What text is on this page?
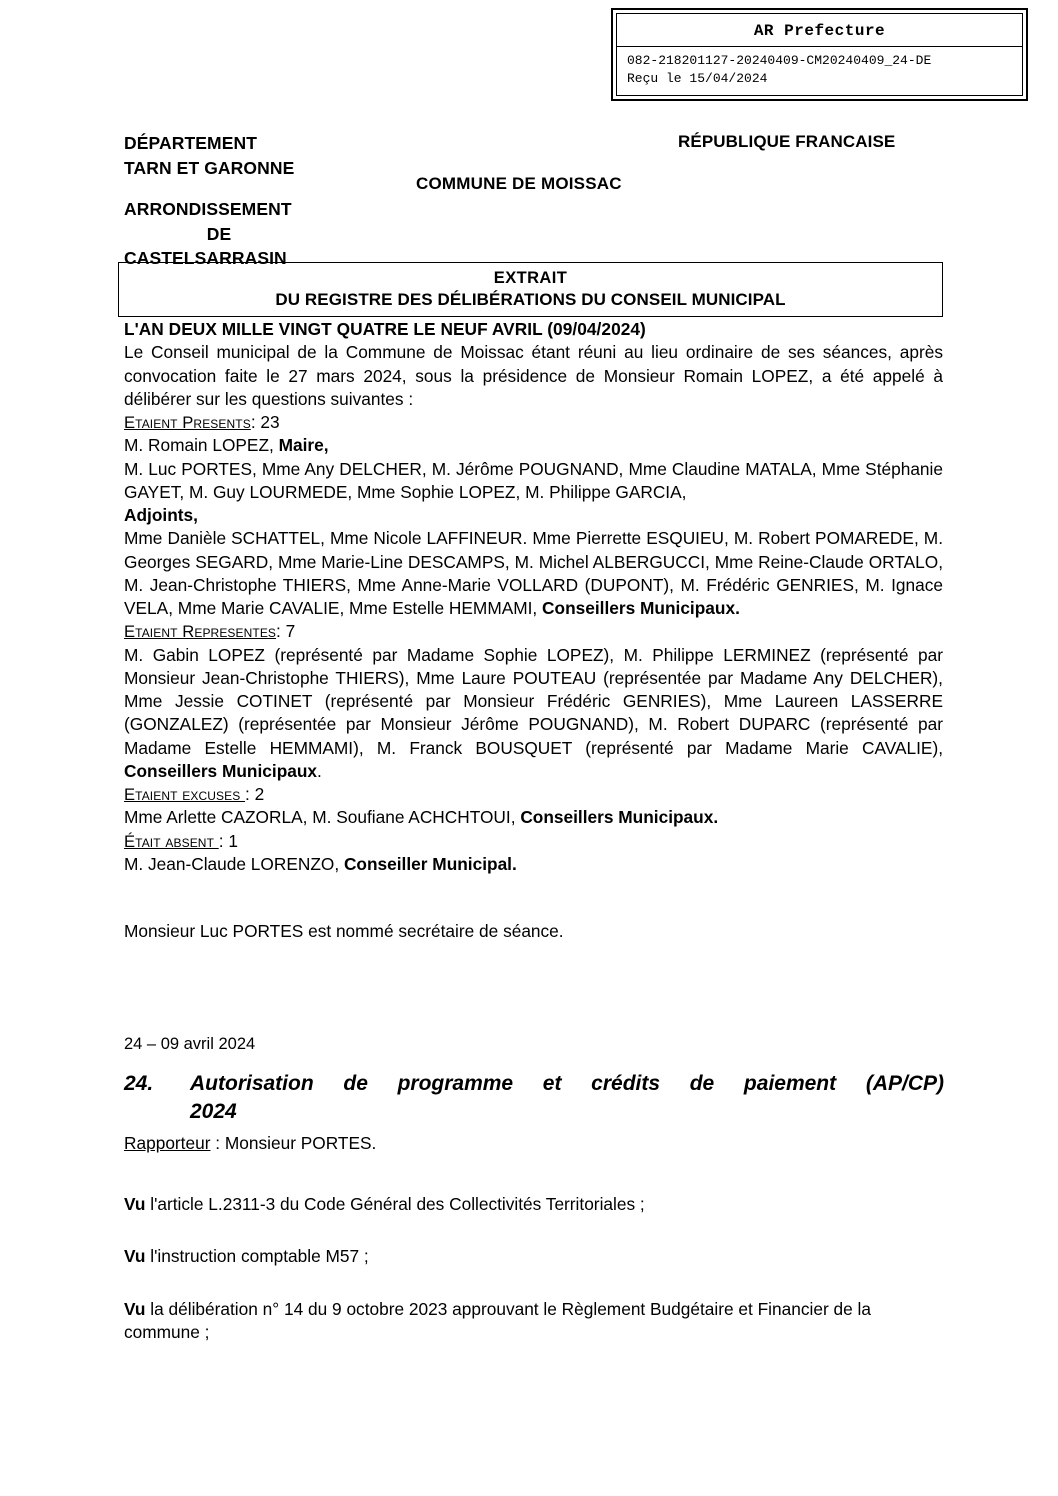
AR Prefecture
082-218201127-20240409-CM20240409_24-DE
Reçu le 15/04/2024
DÉPARTEMENT
TARN ET GARONNE
ARRONDISSEMENT
DE
CASTELSARRASIN
RÉPUBLIQUE FRANCAISE
COMMUNE DE MOISSAC
EXTRAIT
DU REGISTRE DES DÉLIBÉRATIONS DU CONSEIL MUNICIPAL

L'AN DEUX MILLE VINGT QUATRE LE NEUF AVRIL (09/04/2024)

Le Conseil municipal de la Commune de Moissac étant réuni au lieu ordinaire de ses séances, après convocation faite le 27 mars 2024, sous la présidence de Monsieur Romain LOPEZ, a été appelé à délibérer sur les questions suivantes :

Etaient Presents: 23

M. Romain LOPEZ, Maire,

M. Luc PORTES, Mme Any DELCHER, M. Jérôme POUGNAND, Mme Claudine MATALA, Mme Stéphanie GAYET, M. Guy LOURMEDE, Mme Sophie LOPEZ, M. Philippe GARCIA,

Adjoints,

Mme Danièle SCHATTEL, Mme Nicole LAFFINEUR. Mme Pierrette ESQUIEU, M. Robert POMAREDE, M. Georges SEGARD, Mme Marie-Line DESCAMPS, M. Michel ALBERGUCCI, Mme Reine-Claude ORTALO, M. Jean-Christophe THIERS, Mme Anne-Marie VOLLARD (DUPONT), M. Frédéric GENRIES, M. Ignace VELA, Mme Marie CAVALIE, Mme Estelle HEMMAMI, Conseillers Municipaux.

Etaient Representes: 7

M. Gabin LOPEZ (représenté par Madame Sophie LOPEZ), M. Philippe LERMINEZ (représenté par Monsieur Jean-Christophe THIERS), Mme Laure POUTEAU (représentée par Madame Any DELCHER), Mme Jessie COTINET (représenté par Monsieur Frédéric GENRIES), Mme Laureen LASSERRE (GONZALEZ) (représentée par Monsieur Jérôme POUGNAND), M. Robert DUPARC (représenté par Madame Estelle HEMMAMI), M. Franck BOUSQUET (représenté par Madame Marie CAVALIE), Conseillers Municipaux.

Etaient excuses : 2

Mme Arlette CAZORLA, M. Soufiane ACHCHTOUI, Conseillers Municipaux.

Était absent : 1

M. Jean-Claude LORENZO, Conseiller Municipal.

Monsieur Luc PORTES est nommé secrétaire de séance.

24 – 09 avril 2024
24.	Autorisation de programme et crédits de paiement (AP/CP)
2024
Rapporteur : Monsieur PORTES.

Vu l'article L.2311-3 du Code Général des Collectivités Territoriales ;

Vu l'instruction comptable M57 ;

Vu la délibération n° 14 du 9 octobre 2023 approuvant le Règlement Budgétaire et Financier de la commune ;
